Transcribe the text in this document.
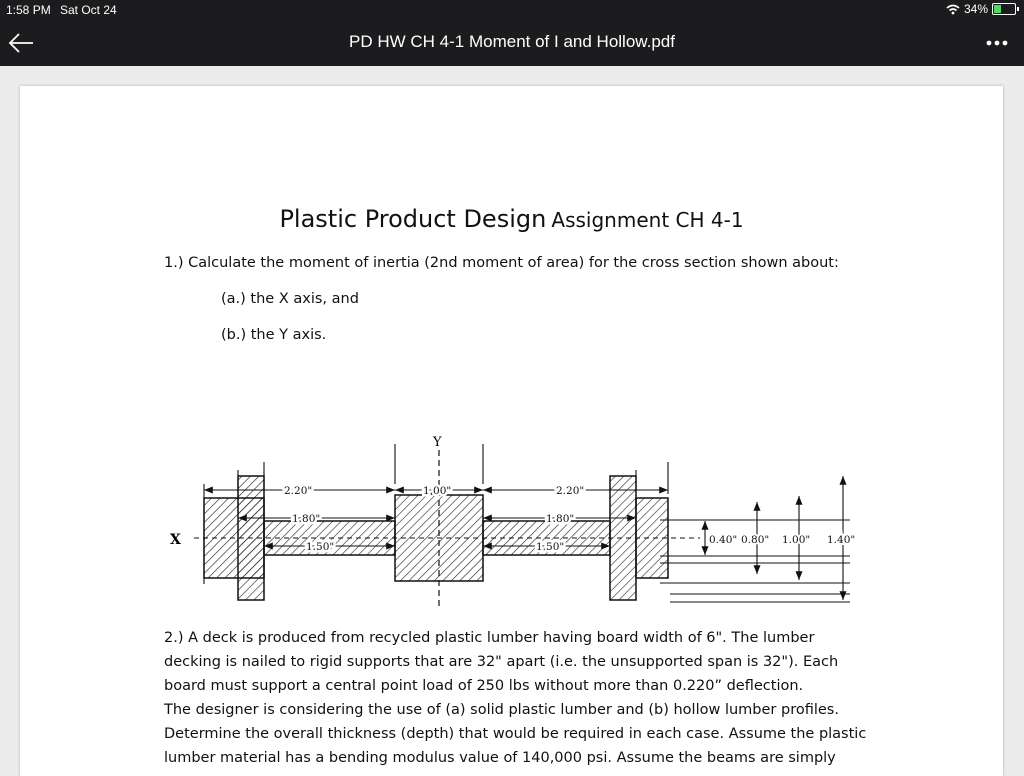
1:58 PM Sat Oct 24	34%
PD HW CH 4-1 Moment of I and Hollow.pdf
Plastic Product Design Assignment CH 4-1
1.) Calculate the moment of inertia (2nd moment of area) for the cross section shown about:
(a.) the X axis, and
(b.) the Y axis.
X
Y
2.20"
1.80"
1.50"
1.00"	2.20"
1.80"
1.50"
0.40" 0.80" 1.00" 1.40"

2.) A deck is produced from recycled plastic lumber having board width of 6". The lumber

decking is nailed to rigid supports that are 32" apart (i.e. the unsupported span is 32"). Each

board must support a central point load of 250 lbs without more than 0.220” deflection.

The designer is considering the use of (a) solid plastic lumber and (b) hollow lumber profiles.

Determine the overall thickness (depth) that would be required in each case. Assume the plastic

lumber material has a bending modulus value of 140,000 psi. Assume the beams are simply
